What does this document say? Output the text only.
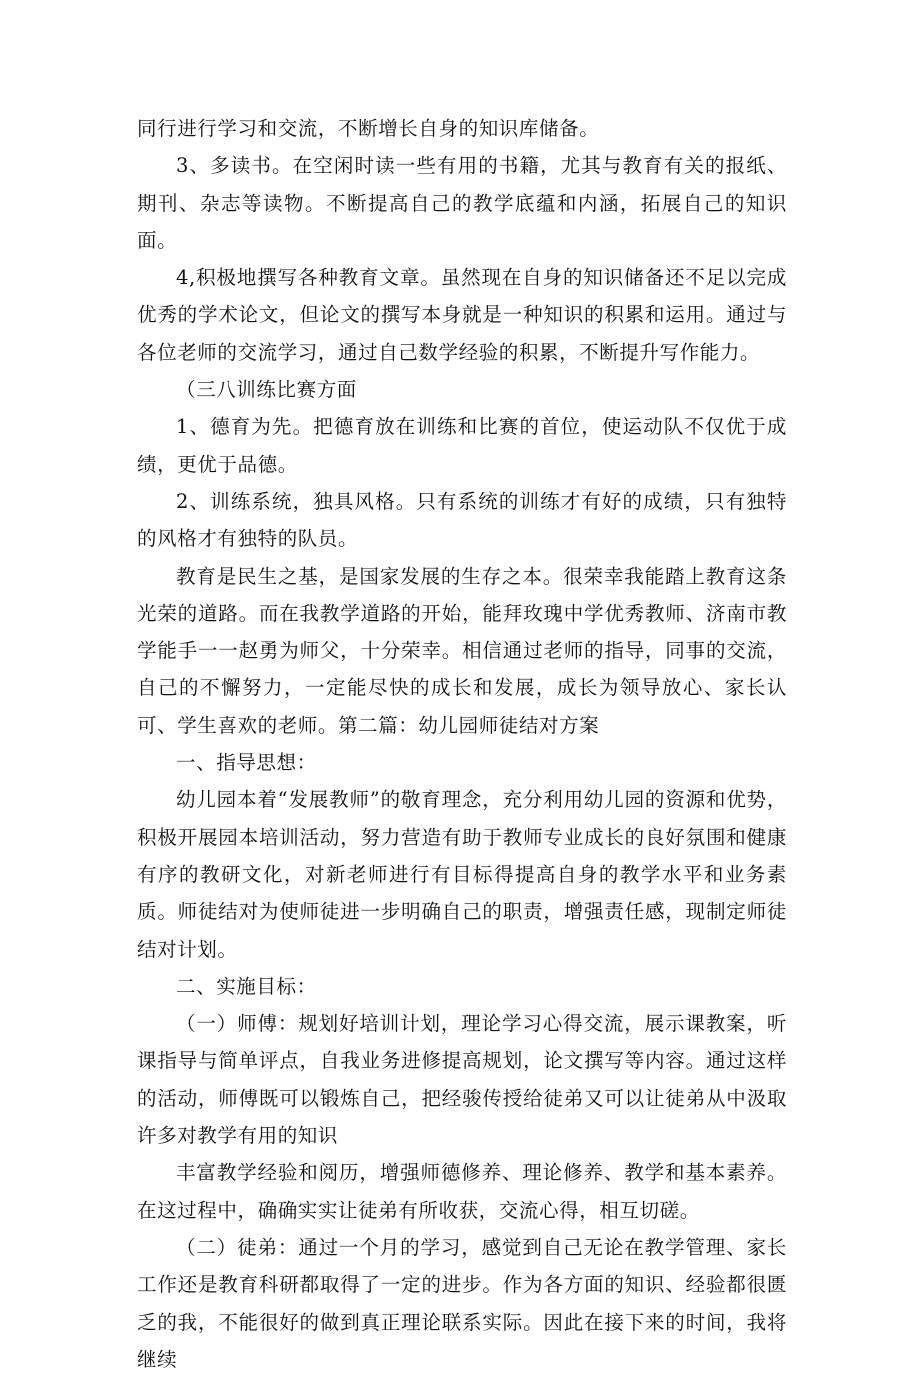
同行进行学习和交流，不断增长自身的知识库储备。

3、多读书。在空闲时读一些有用的书籍，尤其与教育有关的报纸、期刊、杂志等读物。不断提高自己的教学底蕴和内涵，拓展自己的知识面。

4,积极地撰写各种教育文章。虽然现在自身的知识储备还不足以完成优秀的学术论文，但论文的撰写本身就是一种知识的积累和运用。通过与各位老师的交流学习，通过自己数学经验的积累，不断提升写作能力。

（三八训练比赛方面

1、德育为先。把德育放在训练和比赛的首位，使运动队不仅优于成绩，更优于品德。

2、训练系统，独具风格。只有系统的训练才有好的成绩，只有独特的风格才有独特的队员。

教育是民生之基，是国家发展的生存之本。很荣幸我能踏上教育这条光荣的道路。而在我教学道路的开始，能拜玫瑰中学优秀教师、济南市教学能手一一赵勇为师父，十分荣幸。相信通过老师的指导，同事的交流，自己的不懈努力，一定能尽快的成长和发展，成长为领导放心、家长认可、学生喜欢的老师。第二篇：幼儿园师徒结对方案

一、指导思想：

幼儿园本着“发展教师”的敬育理念，充分利用幼儿园的资源和优势，积极开展园本培训活动，努力营造有助于教师专业成长的良好氛围和健康有序的教研文化，对新老师进行有目标得提高自身的教学水平和业务素质。师徒结对为使师徒进一步明确自己的职责，增强责任感，现制定师徒结对计划。

二、实施目标：

（一）师傅：规划好培训计划，理论学习心得交流，展示课教案，听课指导与简单评点，自我业务进修提高规划，论文撰写等内容。通过这样的活动，师傅既可以锻炼自己，把经骏传授给徒弟又可以让徒弟从中汲取许多对教学有用的知识

丰富教学经验和阅历，增强师德修养、理论修养、教学和基本素养。在这过程中，确确实实让徒弟有所收获，交流心得，相互切磋。

（二）徒弟：通过一个月的学习，感觉到自己无论在教学管理、家长工作还是教育科研都取得了一定的进步。作为各方面的知识、经验都很匮乏的我，不能很好的做到真正理论联系实际。因此在接下来的时间，我将继续
